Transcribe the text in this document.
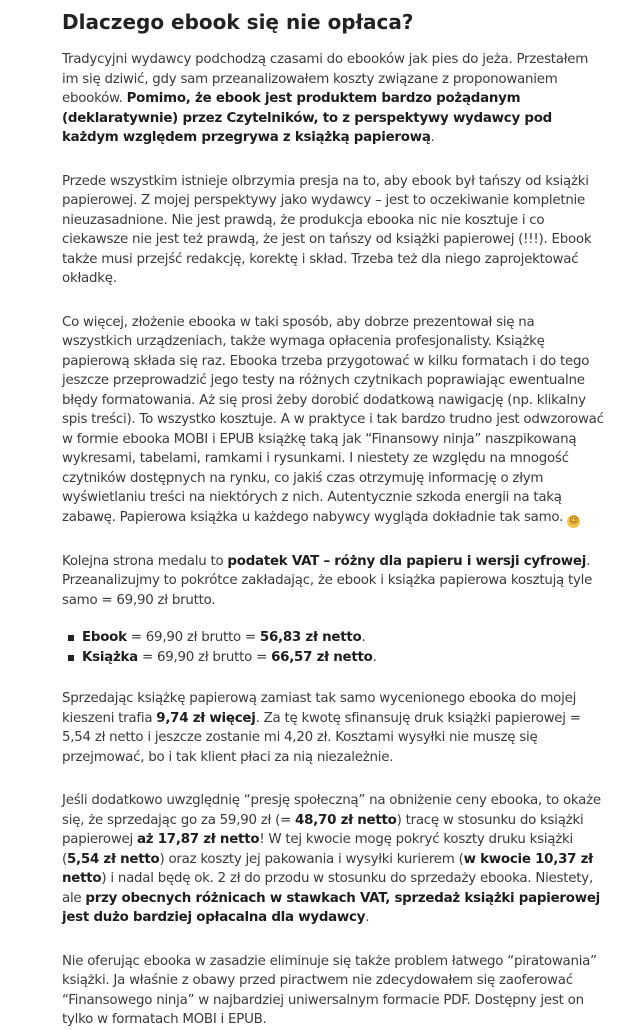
Dlaczego ebook się nie opłaca?

Tradycyjni wydawcy podchodzą czasami do ebooków jak pies do jeża. Przestałem im się dziwić, gdy sam przeanalizowałem koszty związane z proponowaniem ebooków. Pomimo, że ebook jest produktem bardzo pożądanym (deklaratywnie) przez Czytelników, to z perspektywy wydawcy pod każdym względem przegrywa z książką papierową.

Przede wszystkim istnieje olbrzymia presja na to, aby ebook był tańszy od książki papierowej. Z mojej perspektywy jako wydawcy – jest to oczekiwanie kompletnie nieuzasadnione. Nie jest prawdą, że produkcja ebooka nic nie kosztuje i co ciekawsze nie jest też prawdą, że jest on tańszy od książki papierowej (!!!). Ebook także musi przejść redakcję, korektę i skład. Trzeba też dla niego zaprojektować okładkę.

Co więcej, złożenie ebooka w taki sposób, aby dobrze prezentował się na wszystkich urządzeniach, także wymaga opłacenia profesjonalisty. Książkę papierową składa się raz. Ebooka trzeba przygotować w kilku formatach i do tego jeszcze przeprowadzić jego testy na różnych czytnikach poprawiając ewentualne błędy formatowania. Aż się prosi żeby dorobić dodatkową nawigację (np. klikalny spis treści). To wszystko kosztuje. A w praktyce i tak bardzo trudno jest odwzorować w formie ebooka MOBI i EPUB książkę taką jak “Finansowy ninja” naszpikowaną wykresami, tabelami, ramkami i rysunkami. I niestety ze względu na mnogość czytników dostępnych na rynku, co jakiś czas otrzymuję informację o złym wyświetlaniu treści na niektórych z nich. Autentycznie szkoda energii na taką zabawę. Papierowa książka u każdego nabywcy wygląda dokładnie tak samo. 😉

Kolejna strona medalu to podatek VAT – różny dla papieru i wersji cyfrowej. Przeanalizujmy to pokrótce zakładając, że ebook i książka papierowa kosztują tyle samo = 69,90 zł brutto.

Ebook = 69,90 zł brutto = 56,83 zł netto.
Książka = 69,90 zł brutto = 66,57 zł netto.

Sprzedając książkę papierową zamiast tak samo wycenionego ebooka do mojej kieszeni trafia 9,74 zł więcej. Za tę kwotę sfinansuję druk książki papierowej = 5,54 zł netto i jeszcze zostanie mi 4,20 zł. Kosztami wysyłki nie muszę się przejmować, bo i tak klient płaci za nią niezależnie.

Jeśli dodatkowo uwzględnię “presję społeczną” na obniżenie ceny ebooka, to okaże się, że sprzedając go za 59,90 zł (= 48,70 zł netto) tracę w stosunku do książki papierowej aż 17,87 zł netto! W tej kwocie mogę pokryć koszty druku książki (5,54 zł netto) oraz koszty jej pakowania i wysyłki kurierem (w kwocie 10,37 zł netto) i nadal będę ok. 2 zł do przodu w stosunku do sprzedaży ebooka. Niestety, ale przy obecnych różnicach w stawkach VAT, sprzedaż książki papierowej jest dużo bardziej opłacalna dla wydawcy.

Nie oferując ebooka w zasadzie eliminuje się także problem łatwego “piratowania” książki. Ja właśnie z obawy przed piractwem nie zdecydowałem się zaoferować “Finansowego ninja” w najbardziej uniwersalnym formacie PDF. Dostępny jest on tylko w formatach MOBI i EPUB.
